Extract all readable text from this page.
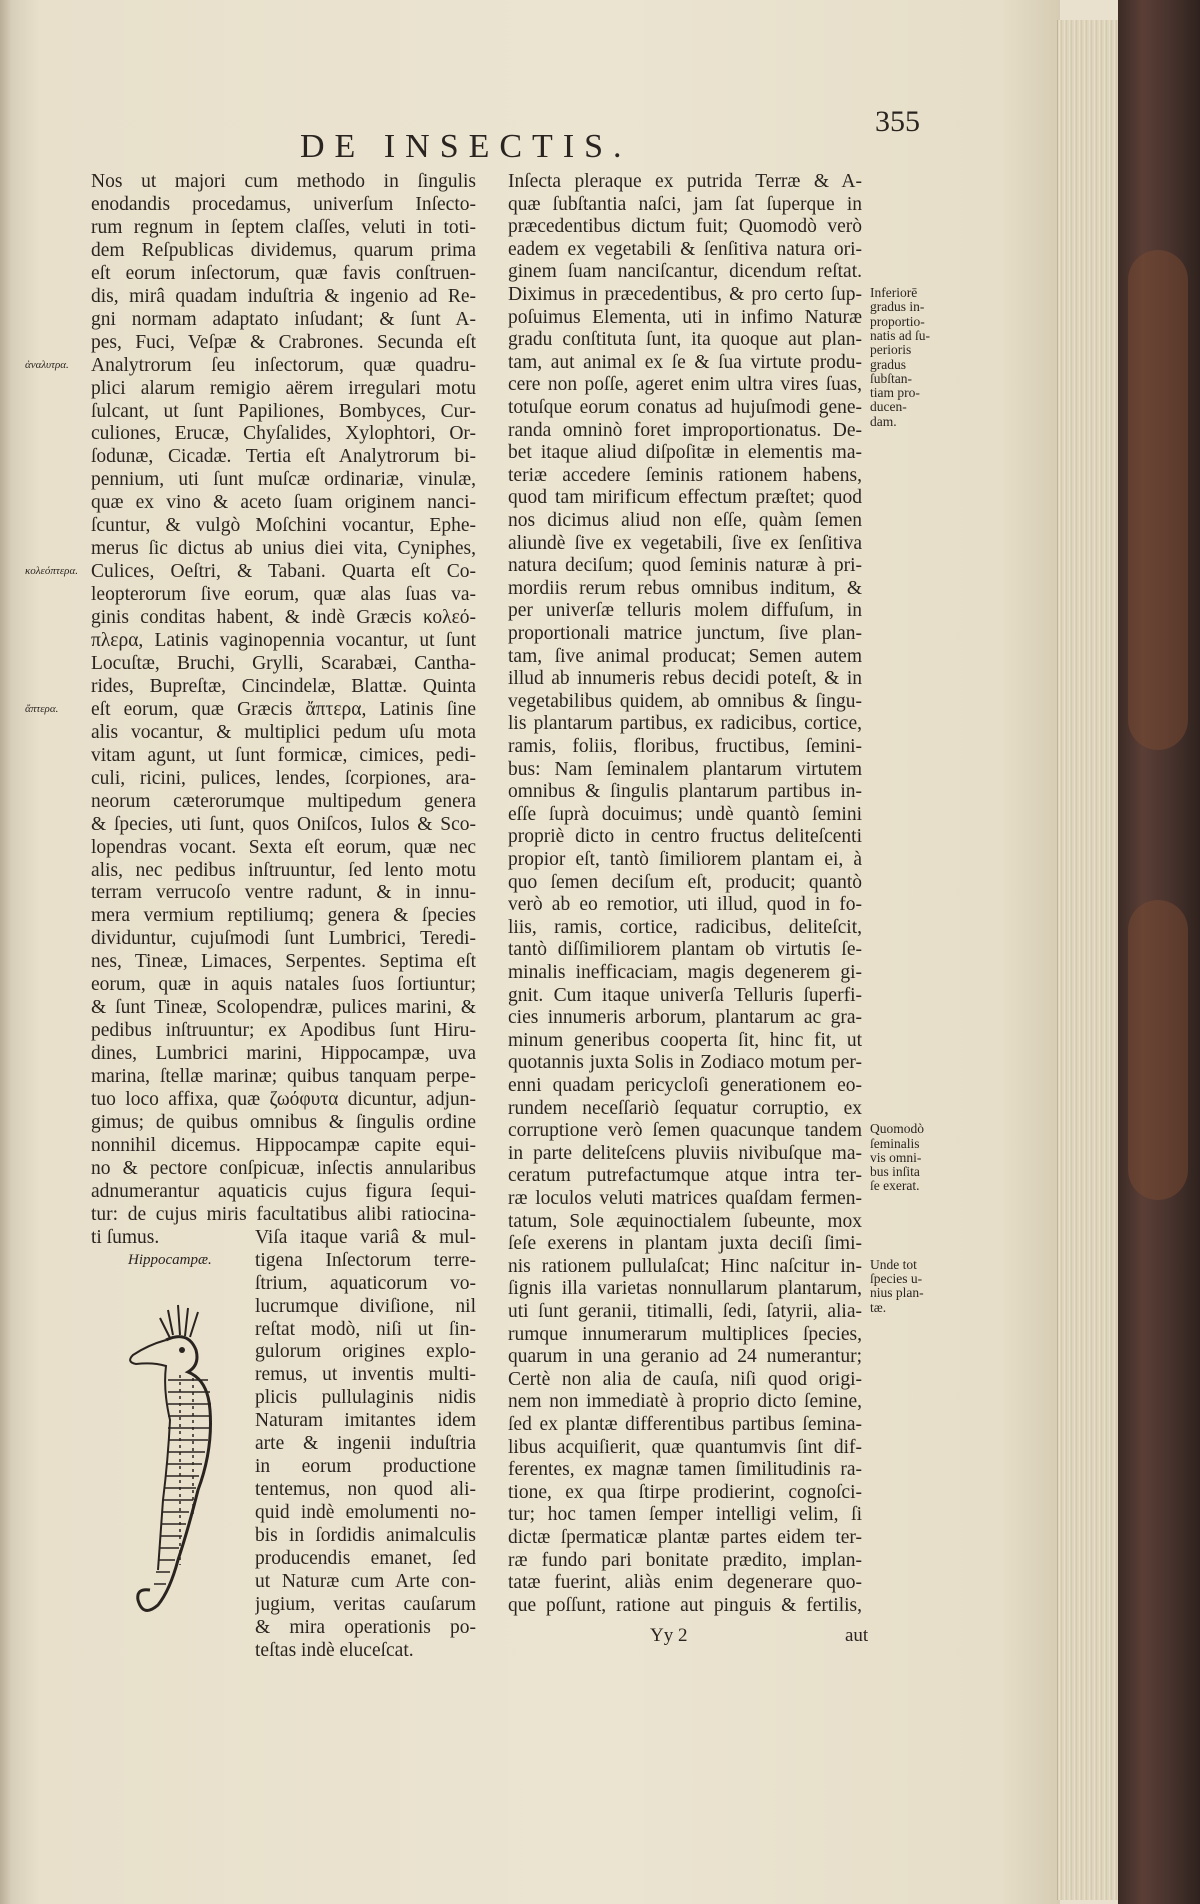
DE INSECTIS.
355
Nos ut majori cum methodo in ſingulis
enodandis procedamus, univerſum Inſecto-
rum regnum in ſeptem claſſes, veluti in toti-
dem Reſpublicas dividemus, quarum prima
eſt eorum inſectorum, quæ favis conſtruen-
dis, mirâ quadam induſtria & ingenio ad Re-
gni normam adaptato inſudant; & ſunt A-
pes, Fuci, Veſpæ & Crabrones. Secunda eſt
Analytrorum ſeu inſectorum, quæ quadru-
plici alarum remigio aërem irregulari motu
ſulcant, ut ſunt Papiliones, Bombyces, Cur-
culiones, Erucæ, Chyſalides, Xylophtori, Or-
ſodunæ, Cicadæ. Tertia eſt Analytrorum bi-
pennium, uti ſunt muſcæ ordinariæ, vinulæ,
quæ ex vino & aceto ſuam originem nanci-
ſcuntur, & vulgò Moſchini vocantur, Ephe-
merus ſic dictus ab unius diei vita, Cyniphes,
Culices, Oeſtri, & Tabani. Quarta eſt Co-
leopterorum ſive eorum, quæ alas ſuas va-
ginis conditas habent, & indè Græcis κολεό-
πλερα, Latinis vaginopennia vocantur, ut ſunt
Locuſtæ, Bruchi, Grylli, Scarabæi, Cantha-
rides, Bupreſtæ, Cincindelæ, Blattæ. Quinta
eſt eorum, quæ Græcis ἄπτερα, Latinis ſine
alis vocantur, & multiplici pedum uſu mota
vitam agunt, ut ſunt formicæ, cimices, pedi-
culi, ricini, pulices, lendes, ſcorpiones, ara-
neorum cæterorumque multipedum genera
& ſpecies, uti ſunt, quos Oniſcos, Iulos & Sco-
lopendras vocant. Sexta eſt eorum, quæ nec
alis, nec pedibus inſtruuntur, ſed lento motu
terram verrucoſo ventre radunt, & in innu-
mera vermium reptiliumq; genera & ſpecies
dividuntur, cujuſmodi ſunt Lumbrici, Teredi-
nes, Tineæ, Limaces, Serpentes. Septima eſt
eorum, quæ in aquis natales ſuos ſortiuntur;
& ſunt Tineæ, Scolopendræ, pulices marini, &
pedibus inſtruuntur; ex Apodibus ſunt Hiru-
dines, Lumbrici marini, Hippocampæ, uva
marina, ſtellæ marinæ; quibus tanquam perpe-
tuo loco affixa, quæ ζωόφυτα dicuntur, adjun-
gimus; de quibus omnibus & ſingulis ordine
nonnihil dicemus. Hippocampæ capite equi-
no & pectore conſpicuæ, inſectis annularibus
adnumerantur aquaticis cujus figura ſequi-
tur: de cujus miris facultatibus alibi ratiocina-
ti ſumus.	Viſa itaque variâ & mul-
tigena Inſectorum terre-
ſtrium, aquaticorum vo-
lucrumque diviſione, nil
reſtat modò, niſi ut ſin-
gulorum origines explo-
remus, ut inventis multi-
plicis pullulaginis nidis
Naturam imitantes idem
arte & ingenii induſtria
in eorum productione
tentemus, non quod ali-
quid indè emolumenti no-
bis in ſordidis animalculis
producendis emanet, ſed
ut Naturæ cum Arte con-
jugium, veritas cauſarum
& mira operationis po-
teſtas indè eluceſcat.
Inſecta pleraque ex putrida Terræ & A-
quæ ſubſtantia naſci, jam ſat ſuperque in
præcedentibus dictum fuit; Quomodò verò
eadem ex vegetabili & ſenſitiva natura ori-
ginem ſuam nanciſcantur, dicendum reſtat.
Diximus in præcedentibus, & pro certo ſup-
poſuimus Elementa, uti in infimo Naturæ
gradu conſtituta ſunt, ita quoque aut plan-
tam, aut animal ex ſe & ſua virtute produ-
cere non poſſe, ageret enim ultra vires ſuas,
totuſque eorum conatus ad hujuſmodi gene-
randa omninò foret improportionatus. De-
bet itaque aliud diſpoſitæ in elementis ma-
teriæ accedere ſeminis rationem habens,
quod tam mirificum effectum præſtet; quod
nos dicimus aliud non eſſe, quàm ſemen
aliundè ſive ex vegetabili, ſive ex ſenſitiva
natura deciſum; quod ſeminis naturæ à pri-
mordiis rerum rebus omnibus inditum, &
per univerſæ telluris molem diffuſum, in
proportionali matrice junctum, ſive plan-
tam, ſive animal producat; Semen autem
illud ab innumeris rebus decidi poteſt, & in
vegetabilibus quidem, ab omnibus & ſingu-
lis plantarum partibus, ex radicibus, cortice,
ramis, foliis, floribus, fructibus, ſemini-
bus: Nam ſeminalem plantarum virtutem
omnibus & ſingulis plantarum partibus in-
eſſe ſuprà docuimus; undè quantò ſemini
propriè dicto in centro fructus deliteſcenti
propior eſt, tantò ſimiliorem plantam ei, à
quo ſemen deciſum eſt, producit; quantò
verò ab eo remotior, uti illud, quod in fo-
liis, ramis, cortice, radicibus, deliteſcit,
tantò diſſimiliorem plantam ob virtutis ſe-
minalis inefficaciam, magis degenerem gi-
gnit. Cum itaque univerſa Telluris ſuperfi-
cies innumeris arborum, plantarum ac gra-
minum generibus cooperta ſit, hinc fit, ut
quotannis juxta Solis in Zodiaco motum per-
enni quadam pericycloſi generationem eo-
rundem neceſſariò ſequatur corruptio, ex
corruptione verò ſemen quacunque tandem
in parte deliteſcens pluviis nivibuſque ma-
ceratum putrefactumque atque intra ter-
ræ loculos veluti matrices quaſdam fermen-
tatum, Sole æquinoctialem ſubeunte, mox
ſeſe exerens in plantam juxta deciſi ſimi-
nis rationem pullulaſcat; Hinc naſcitur in-
ſignis illa varietas nonnullarum plantarum,
uti ſunt geranii, titimalli, ſedi, ſatyrii, alia-
rumque innumerarum multiplices ſpecies,
quarum in una geranio ad 24 numerantur;
Certè non alia de cauſa, niſi quod origi-
nem non immediatè à proprio dicto ſemine,
ſed ex plantæ differentibus partibus ſemina-
libus acquiſierit, quæ quantumvis ſint dif-
ferentes, ex magnæ tamen ſimilitudinis ra-
tione, ex qua ſtirpe prodierint, cognoſci-
tur; hoc tamen ſemper intelligi velim, ſi
dictæ ſpermaticæ plantæ partes eidem ter-
ræ fundo pari bonitate prædito, implan-
tatæ fuerint, aliàs enim degenerare quo-
que poſſunt, ratione aut pinguis & fertilis,
ἀναλυτρα.
κολεόπτερα.
ἄπτερα.
Inferiorē
gradus in-
proportio-
natis ad ſu-
perioris
gradus
ſubſtan-
tiam pro-
ducen-
dam.
Quomodò
ſeminalis
vis omni-
bus inſita
ſe exerat.
Unde tot
ſpecies u-
nius plan-
tæ.
Hippocampæ.
Yy 2	aut
